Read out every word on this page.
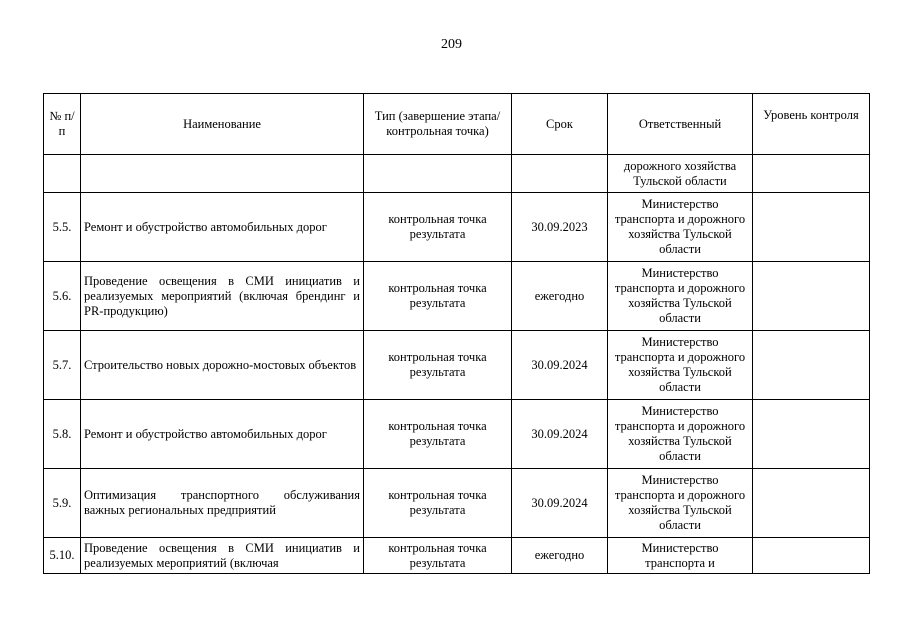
209
№ п/п	Наименование	Тип (завершение этапа/контрольная точка)	Срок	Ответственный	Уровень контроля
				дорожного хозяйства Тульской области	
5.5.	Ремонт и обустройство автомобильных дорог	контрольная точка результата	30.09.2023	Министерство транспорта и дорожного хозяйства Тульской области	
5.6.	Проведение освещения в СМИ инициатив и реализуемых мероприятий (включая брендинг и PR-продукцию)	контрольная точка результата	ежегодно	Министерство транспорта и дорожного хозяйства Тульской области	
5.7.	Строительство новых дорожно-мостовых объектов	контрольная точка результата	30.09.2024	Министерство транспорта и дорожного хозяйства Тульской области	
5.8.	Ремонт и обустройство автомобильных дорог	контрольная точка результата	30.09.2024	Министерство транспорта и дорожного хозяйства Тульской области	
5.9.	Оптимизация транспортного обслуживания важных региональных предприятий	контрольная точка результата	30.09.2024	Министерство транспорта и дорожного хозяйства Тульской области	
5.10.	Проведение освещения в СМИ инициатив и реализуемых мероприятий (включая	контрольная точка результата	ежегодно	Министерство транспорта и	
